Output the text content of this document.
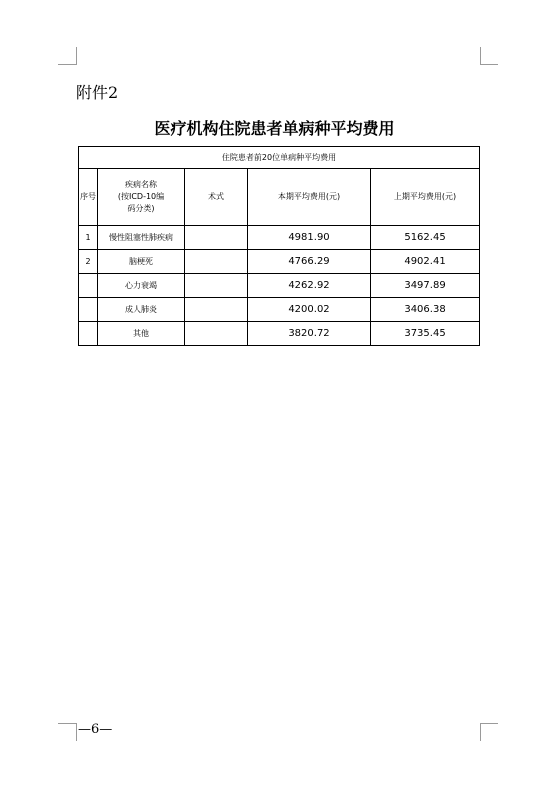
附件2
医疗机构住院患者单病种平均费用
住院患者前20位单病种平均费用				
序号	疾病名称
(按ICD-10编
码分类)	术式	本期平均费用(元)	上期平均费用(元)
1	慢性阻塞性肺疾病		4981.90	5162.45
2	脑梗死		4766.29	4902.41
	心力衰竭		4262.92	3497.89
	成人肺炎		4200.02	3406.38
	其他		3820.72	3735.45
—6—
